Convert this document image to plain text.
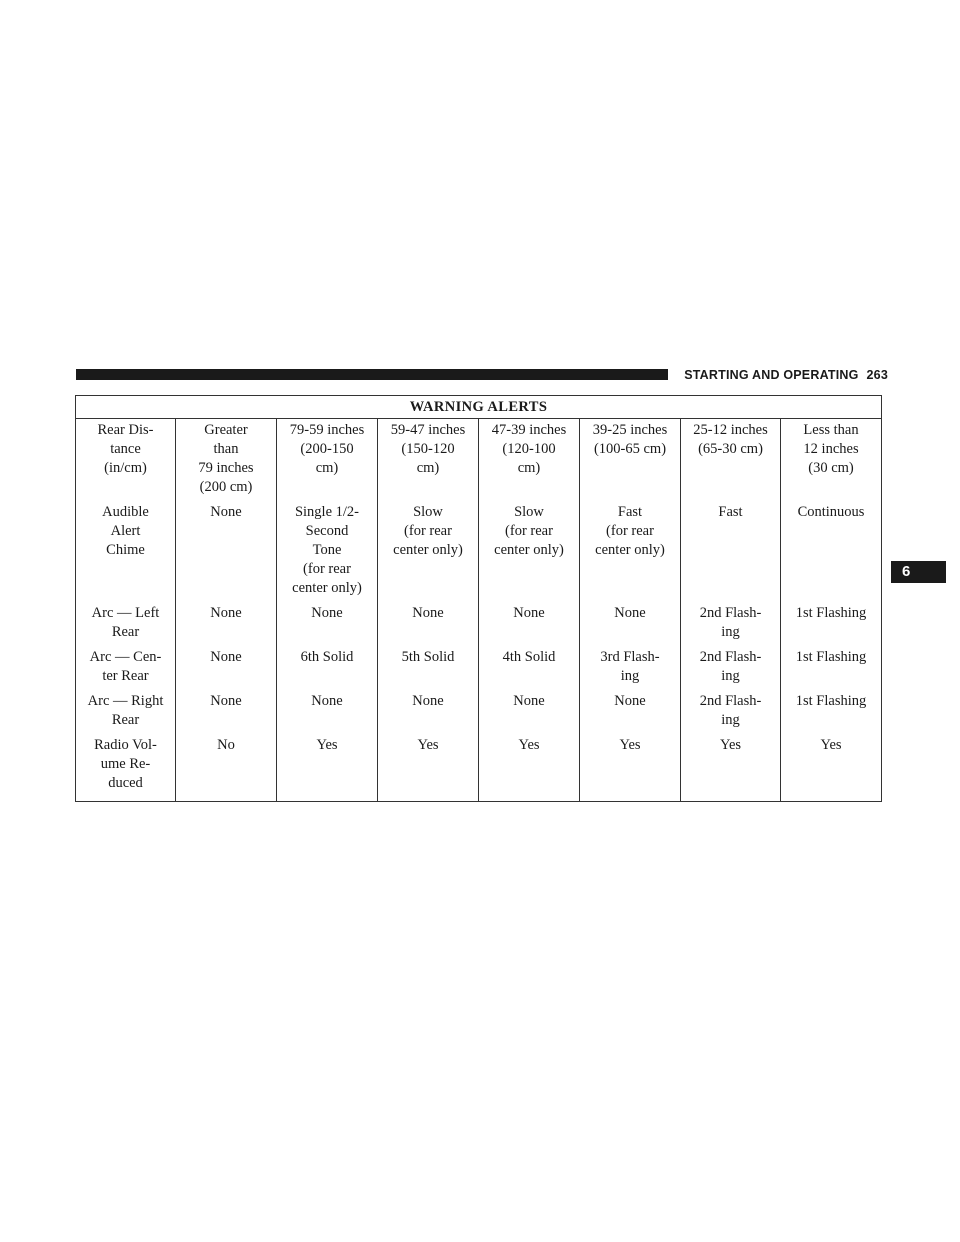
STARTING AND OPERATING 263
6
WARNING ALERTS							

Rear Dis-
tance
(in/cm)	Greater
than
79 inches
(200 cm)	79-59 inches
(200-150
cm)	59-47 inches
(150-120
cm)	47-39 inches
(120-100
cm)	39-25 inches
(100-65 cm)	25-12 inches
(65-30 cm)	Less than
12 inches
(30 cm)

Audible
Alert
Chime	None	Single 1/2-
Second
Tone
(for rear
center only)	Slow
(for rear
center only)	Slow
(for rear
center only)	Fast
(for rear
center only)	Fast	Continuous

Arc — Left
Rear	None	None	None	None	None	2nd Flash-
ing	1st Flashing

Arc — Cen-
ter Rear	None	6th Solid	5th Solid	4th Solid	3rd Flash-
ing	2nd Flash-
ing	1st Flashing

Arc — Right
Rear	None	None	None	None	None	2nd Flash-
ing	1st Flashing

Radio Vol-
ume Re-
duced	No	Yes	Yes	Yes	Yes	Yes	Yes
